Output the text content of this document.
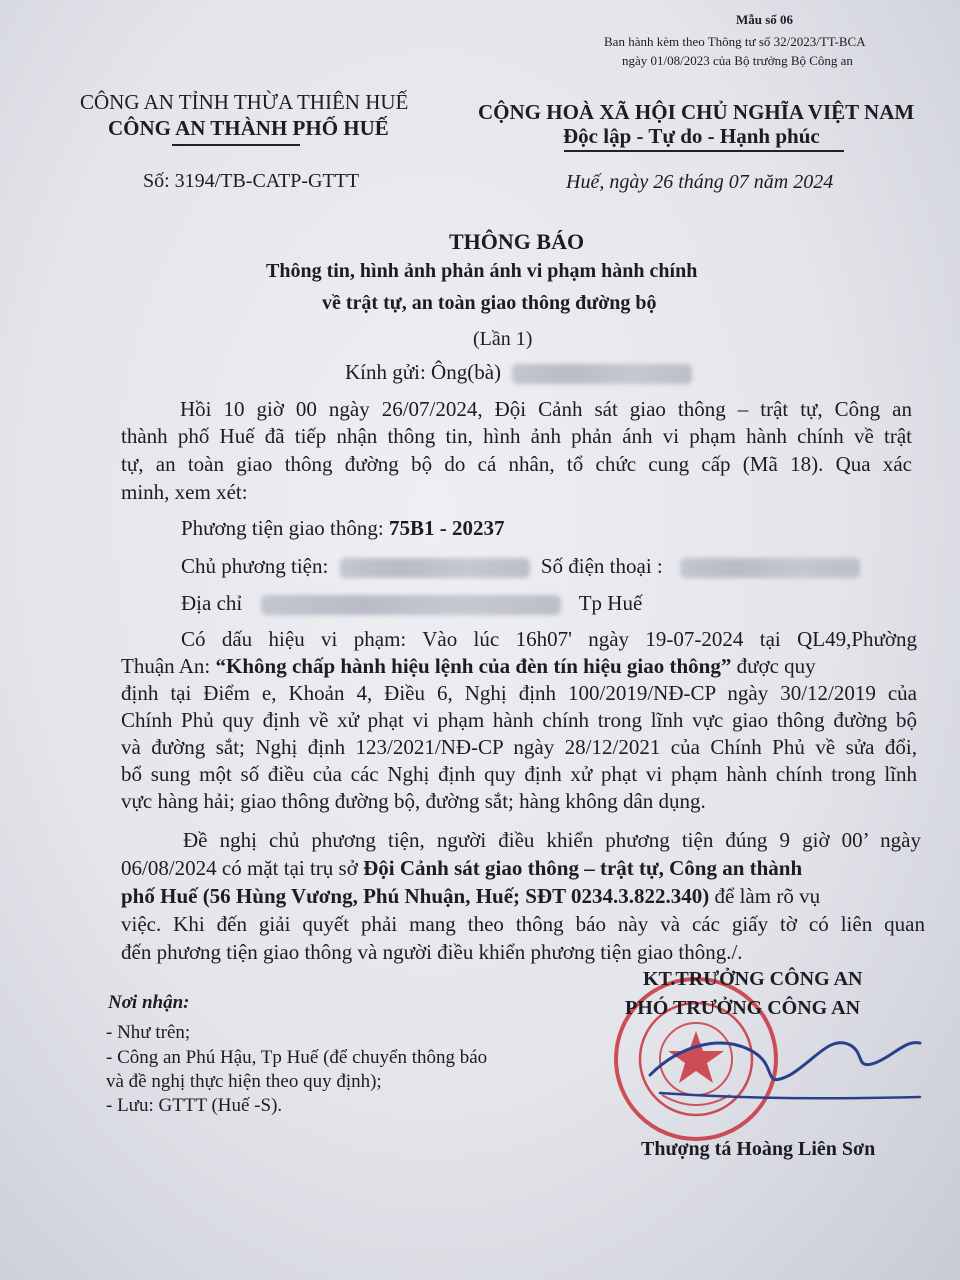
Mẫu số 06
Ban hành kèm theo Thông tư số 32/2023/TT-BCA
ngày 01/08/2023 của Bộ trưởng Bộ Công an
CÔNG AN TỈNH THỪA THIÊN HUẾ
CÔNG AN THÀNH PHỐ HUẾ
Số: 3194/TB-CATP-GTTT
CỘNG HOÀ XÃ HỘI CHỦ NGHĨA VIỆT NAM
Độc lập - Tự do - Hạnh phúc
Huế, ngày 26 tháng 07 năm 2024
THÔNG BÁO
Thông tin, hình ảnh phản ánh vi phạm hành chính
về trật tự, an toàn giao thông đường bộ
(Lần 1)
Kính gửi: Ông(bà)
Hồi 10 giờ 00 ngày 26/07/2024, Đội Cảnh sát giao thông – trật tự, Công an
thành phố Huế đã tiếp nhận thông tin, hình ảnh phản ánh vi phạm hành chính về trật
tự, an toàn giao thông đường bộ do cá nhân, tổ chức cung cấp (Mã 18). Qua xác
minh, xem xét:
Phương tiện giao thông: 75B1 - 20237
Chủ phương tiện:	Số điện thoại :
Địa chỉ	Tp Huế
Có dấu hiệu vi phạm: Vào lúc 16h07' ngày 19-07-2024 tại QL49,Phường
Thuận An: “Không chấp hành hiệu lệnh của đèn tín hiệu giao thông” được quy
định tại Điểm e, Khoản 4, Điều 6, Nghị định 100/2019/NĐ-CP ngày 30/12/2019 của
Chính Phủ quy định về xử phạt vi phạm hành chính trong lĩnh vực giao thông đường bộ
và đường sắt; Nghị định 123/2021/NĐ-CP ngày 28/12/2021 của Chính Phủ về sửa đổi,
bổ sung một số điều của các Nghị định quy định xử phạt vi phạm hành chính trong lĩnh
vực hàng hải; giao thông đường bộ, đường sắt; hàng không dân dụng.
Đề nghị chủ phương tiện, người điều khiển phương tiện đúng 9 giờ 00’ ngày
06/08/2024 có mặt tại trụ sở Đội Cảnh sát giao thông – trật tự, Công an thành
phố Huế (56 Hùng Vương, Phú Nhuận, Huế; SĐT 0234.3.822.340) để làm rõ vụ
việc. Khi đến giải quyết phải mang theo thông báo này và các giấy tờ có liên quan
đến phương tiện giao thông và người điều khiển phương tiện giao thông./.
Nơi nhận:
- Như trên;
- Công an Phú Hậu, Tp Huế (để chuyển thông báo
và đề nghị thực hiện theo quy định);
- Lưu: GTTT (Huế -S).
KT.TRƯỞNG CÔNG AN
PHÓ TRƯỞNG CÔNG AN
Thượng tá Hoàng Liên Sơn
